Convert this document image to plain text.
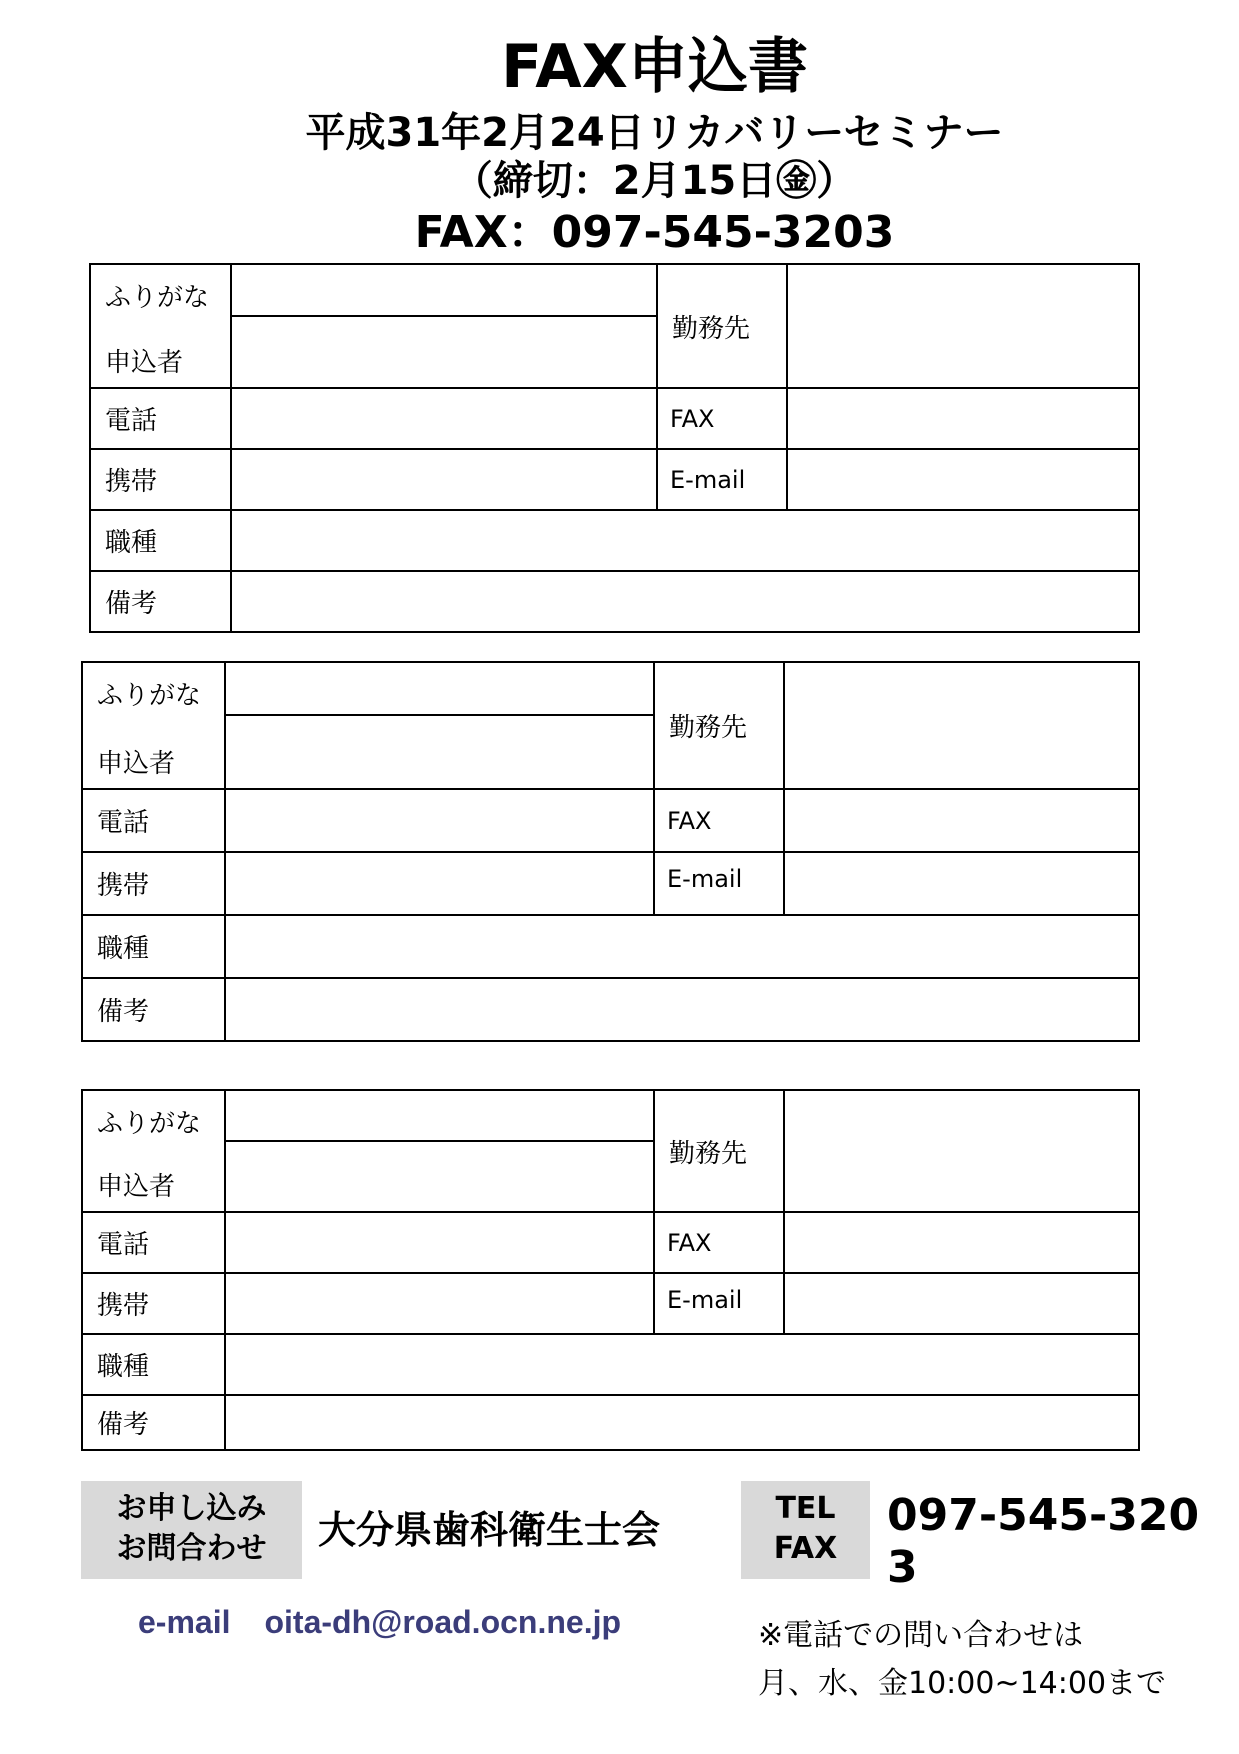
FAX申込書
平成31年2月24日リカバリーセミナー
（締切：2月15日㊎）
FAX：097-545-3203
ふりがな		勤務先	
申込者			
電話		FAX	
携帯		E-mail	
職種			
備考			
ふりがな		勤務先	
申込者			
電話		FAX	
携帯		E-mail	
職種			
備考			
ふりがな		勤務先	
申込者			
電話		FAX	
携帯		E-mail	
職種			
備考			
お申し込み
お問合わせ	大分県歯科衛生士会	TEL
FAX
097-545-3203
e-mail oita-dh@road.ocn.ne.jp	※電話での問い合わせは
月、水、金10:00~14:00まで
